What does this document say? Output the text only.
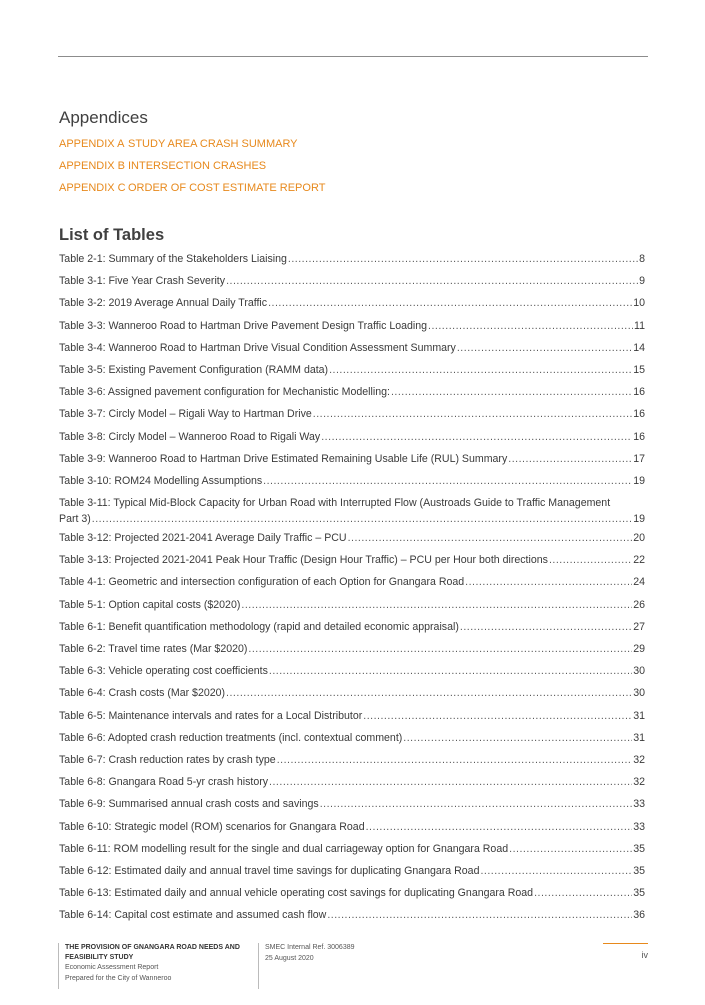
Appendices
APPENDIX A STUDY AREA CRASH SUMMARY
APPENDIX B INTERSECTION CRASHES
APPENDIX C ORDER OF COST ESTIMATE REPORT
List of Tables
Table 2-1: Summary of the Stakeholders Liaising .....	8
Table 3-1: Five Year Crash Severity .....	9
Table 3-2: 2019 Average Annual Daily Traffic .....	10
Table 3-3: Wanneroo Road to Hartman Drive Pavement Design Traffic Loading .....	11
Table 3-4: Wanneroo Road to Hartman Drive Visual Condition Assessment Summary .....	14
Table 3-5: Existing Pavement Configuration (RAMM data) .....	15
Table 3-6: Assigned pavement configuration for Mechanistic Modelling: .....	16
Table 3-7: Circly Model – Rigali Way to Hartman Drive .....	16
Table 3-8: Circly Model – Wanneroo Road to Rigali Way .....	16
Table 3-9: Wanneroo Road to Hartman Drive Estimated Remaining Usable Life (RUL) Summary .....	17
Table 3-10: ROM24 Modelling Assumptions .....	19
Table 3-11: Typical Mid-Block Capacity for Urban Road with Interrupted Flow (Austroads Guide to Traffic Management
Part 3) .....	19
Table 3-12: Projected 2021-2041 Average Daily Traffic – PCU .....	20
Table 3-13: Projected 2021-2041 Peak Hour Traffic (Design Hour Traffic) – PCU per Hour both directions .....	22
Table 4-1: Geometric and intersection configuration of each Option for Gnangara Road .....	24
Table 5-1: Option capital costs ($2020) .....	26
Table 6-1: Benefit quantification methodology (rapid and detailed economic appraisal) .....	27
Table 6-2: Travel time rates (Mar $2020) .....	29
Table 6-3: Vehicle operating cost coefficients .....	30
Table 6-4: Crash costs (Mar $2020) .....	30
Table 6-5: Maintenance intervals and rates for a Local Distributor .....	31
Table 6-6: Adopted crash reduction treatments (incl. contextual comment) .....	31
Table 6-7: Crash reduction rates by crash type .....	32
Table 6-8: Gnangara Road 5-yr crash history .....	32
Table 6-9: Summarised annual crash costs and savings .....	33
Table 6-10: Strategic model (ROM) scenarios for Gnangara Road .....	33
Table 6-11: ROM modelling result for the single and dual carriageway option for Gnangara Road .....	35
Table 6-12: Estimated daily and annual travel time savings for duplicating Gnangara Road .....	35
Table 6-13: Estimated daily and annual vehicle operating cost savings for duplicating Gnangara Road .....	35
Table 6-14: Capital cost estimate and assumed cash flow .....	36
THE PROVISION OF GNANGARA ROAD NEEDS AND
FEASIBILITY STUDY
Economic Assessment Report
Prepared for the City of Wanneroo
SMEC Internal Ref. 3006389
25 August 2020	iv
